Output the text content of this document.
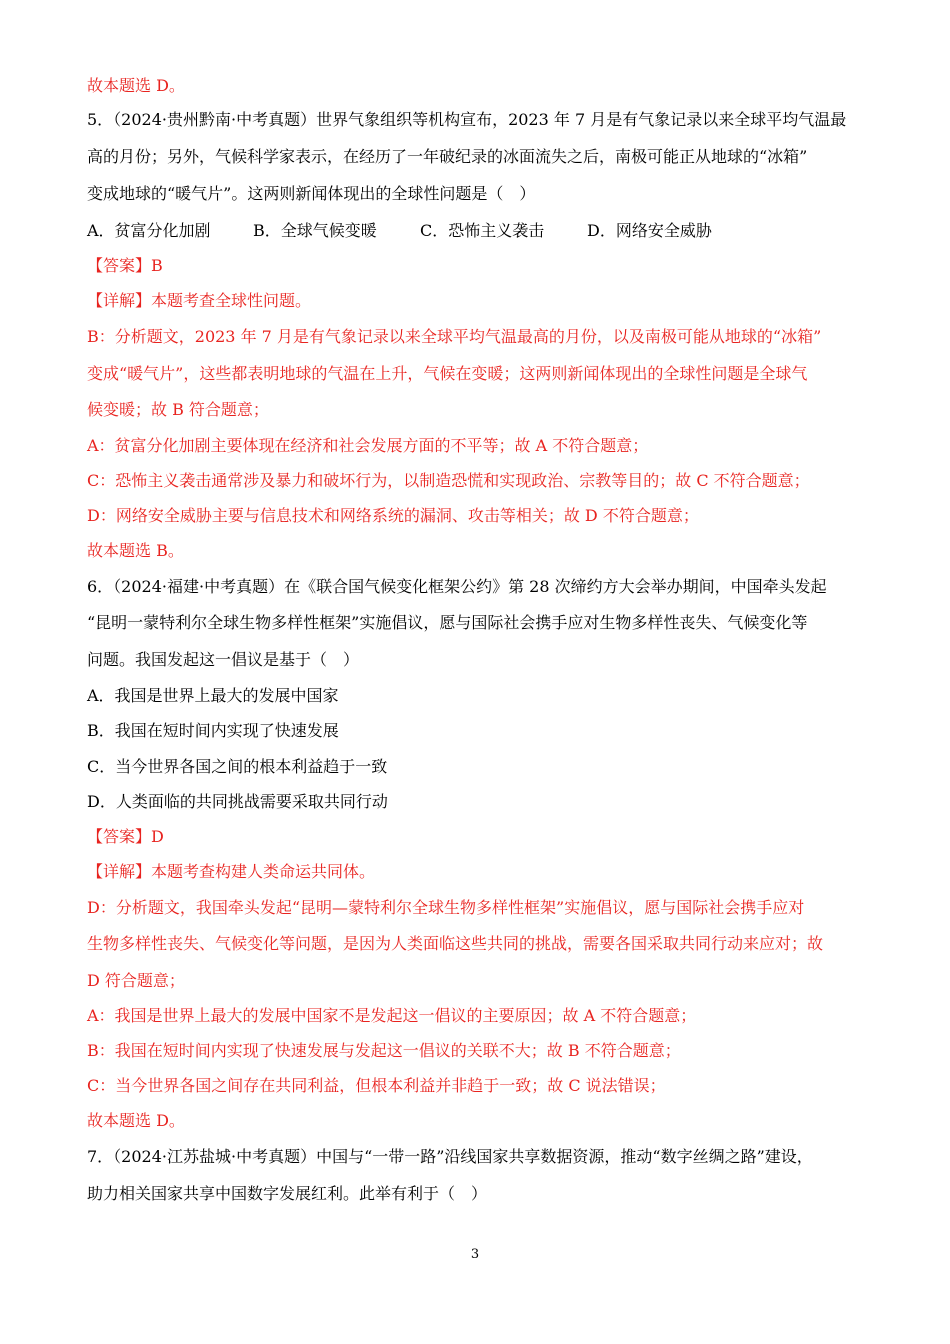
故本题选 D。
5．（2024·贵州黔南·中考真题）世界气象组织等机构宣布，2023 年 7 月是有气象记录以来全球平均气温最
高的月份；另外，气候科学家表示，在经历了一年破纪录的冰面流失之后，南极可能正从地球的“冰箱”
变成地球的“暖气片”。这两则新闻体现出的全球性问题是（　）
A．贫富分化加剧	B．全球气候变暖	C．恐怖主义袭击	D．网络安全威胁
【答案】B
【详解】本题考查全球性问题。
B：分析题文，2023 年 7 月是有气象记录以来全球平均气温最高的月份，以及南极可能从地球的“冰箱”
变成“暖气片”，这些都表明地球的气温在上升，气候在变暖；这两则新闻体现出的全球性问题是全球气
候变暖；故 B 符合题意；
A：贫富分化加剧主要体现在经济和社会发展方面的不平等；故 A 不符合题意；
C：恐怖主义袭击通常涉及暴力和破坏行为，以制造恐慌和实现政治、宗教等目的；故 C 不符合题意；
D：网络安全威胁主要与信息技术和网络系统的漏洞、攻击等相关；故 D 不符合题意；
故本题选 B。
6．（2024·福建·中考真题）在《联合国气候变化框架公约》第 28 次缔约方大会举办期间，中国牵头发起
“昆明一蒙特利尔全球生物多样性框架”实施倡议，愿与国际社会携手应对生物多样性丧失、气候变化等
问题。我国发起这一倡议是基于（　）
A．我国是世界上最大的发展中国家
B．我国在短时间内实现了快速发展
C．当今世界各国之间的根本利益趋于一致
D．人类面临的共同挑战需要采取共同行动
【答案】D
【详解】本题考查构建人类命运共同体。
D：分析题文，我国牵头发起“昆明—蒙特利尔全球生物多样性框架”实施倡议，愿与国际社会携手应对
生物多样性丧失、气候变化等问题，是因为人类面临这些共同的挑战，需要各国采取共同行动来应对；故
D 符合题意；
A：我国是世界上最大的发展中国家不是发起这一倡议的主要原因；故 A 不符合题意；
B：我国在短时间内实现了快速发展与发起这一倡议的关联不大；故 B 不符合题意；
C：当今世界各国之间存在共同利益，但根本利益并非趋于一致；故 C 说法错误；
故本题选 D。
7．（2024·江苏盐城·中考真题）中国与“一带一路”沿线国家共享数据资源，推动“数字丝绸之路”建设，
助力相关国家共享中国数字发展红利。此举有利于（　）
3
